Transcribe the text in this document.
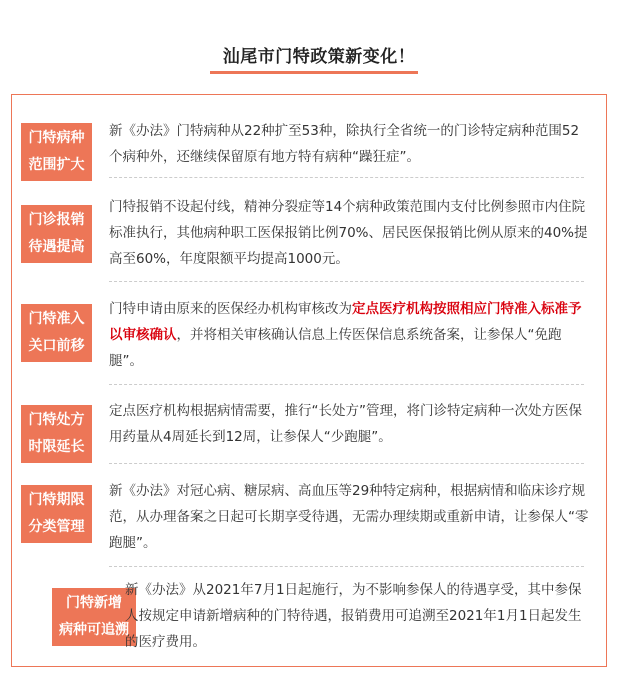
汕尾市门特政策新变化！
门特病种
范围扩大
新《办法》门特病种从22种扩至53种，除执行全省统一的门诊特定病种范围52个病种外，还继续保留原有地方特有病种“躁狂症”。
门诊报销
待遇提高
门特报销不设起付线，精神分裂症等14个病种政策范围内支付比例参照市内住院标准执行，其他病种职工医保报销比例70%、居民医保报销比例从原来的40%提高至60%，年度限额平均提高1000元。
门特准入
关口前移
门特申请由原来的医保经办机构审核改为定点医疗机构按照相应门特准入标准予以审核确认，并将相关审核确认信息上传医保信息系统备案，让参保人“免跑腿”。
门特处方
时限延长
定点医疗机构根据病情需要，推行“长处方”管理，将门诊特定病种一次处方医保用药量从4周延长到12周，让参保人“少跑腿”。
门特期限
分类管理
新《办法》对冠心病、糖尿病、高血压等29种特定病种，根据病情和临床诊疗规范，从办理备案之日起可长期享受待遇，无需办理续期或重新申请，让参保人“零跑腿”。
门特新增
病种可追溯
新《办法》从2021年7月1日起施行，为不影响参保人的待遇享受，其中参保人按规定申请新增病种的门特待遇，报销费用可追溯至2021年1月1日起发生的医疗费用。
